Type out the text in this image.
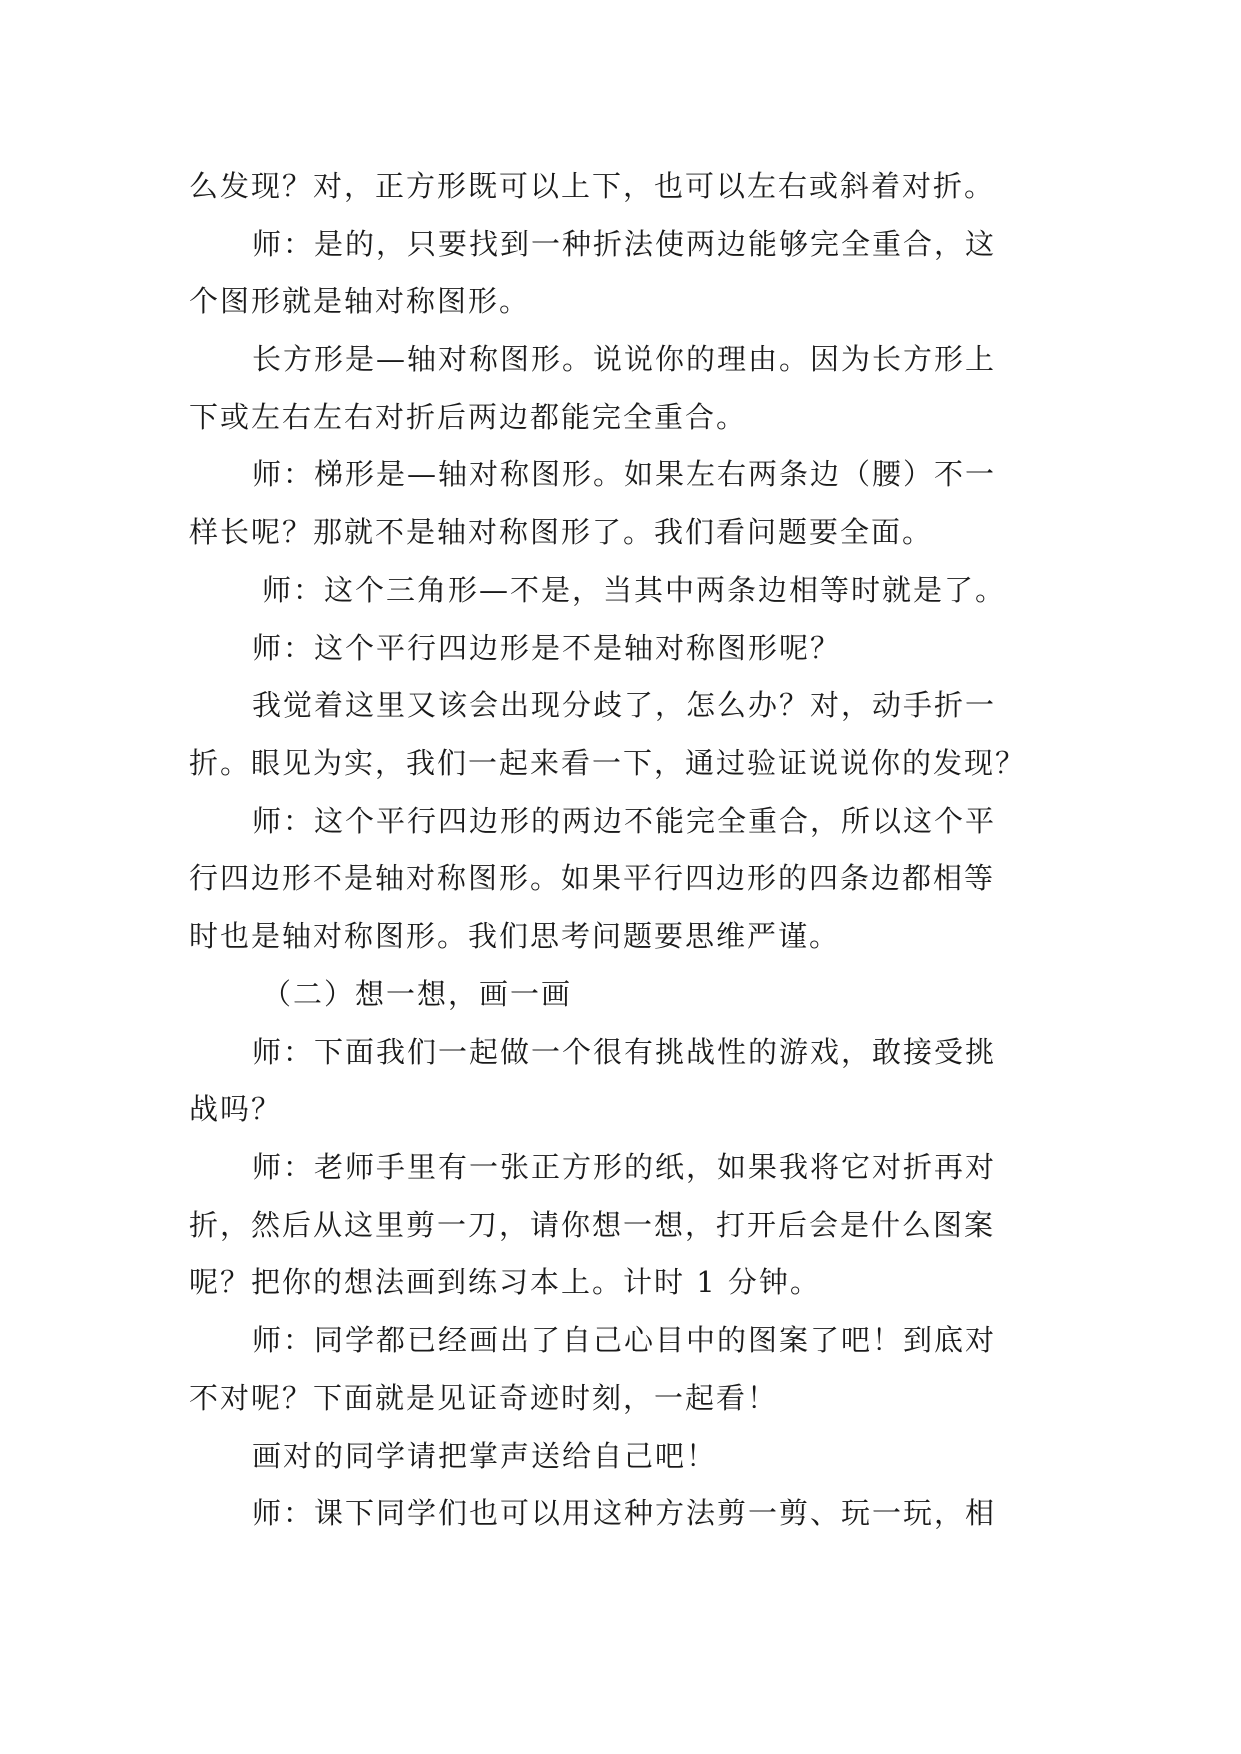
么发现？对，正方形既可以上下，也可以左右或斜着对折。
师：是的，只要找到一种折法使两边能够完全重合，这
个图形就是轴对称图形。
长方形是—轴对称图形。说说你的理由。因为长方形上
下或左右左右对折后两边都能完全重合。
师：梯形是—轴对称图形。如果左右两条边（腰）不一
样长呢？那就不是轴对称图形了。我们看问题要全面。
师：这个三角形—不是，当其中两条边相等时就是了。
师：这个平行四边形是不是轴对称图形呢？
我觉着这里又该会出现分歧了，怎么办？对，动手折一
折。眼见为实，我们一起来看一下，通过验证说说你的发现？
师：这个平行四边形的两边不能完全重合，所以这个平
行四边形不是轴对称图形。如果平行四边形的四条边都相等
时也是轴对称图形。我们思考问题要思维严谨。
（二）想一想，画一画
师：下面我们一起做一个很有挑战性的游戏，敢接受挑
战吗？
师：老师手里有一张正方形的纸，如果我将它对折再对
折，然后从这里剪一刀，请你想一想，打开后会是什么图案
呢？把你的想法画到练习本上。计时 1 分钟。
师：同学都已经画出了自己心目中的图案了吧！到底对
不对呢？下面就是见证奇迹时刻，一起看！
画对的同学请把掌声送给自己吧！
师：课下同学们也可以用这种方法剪一剪、玩一玩，相
